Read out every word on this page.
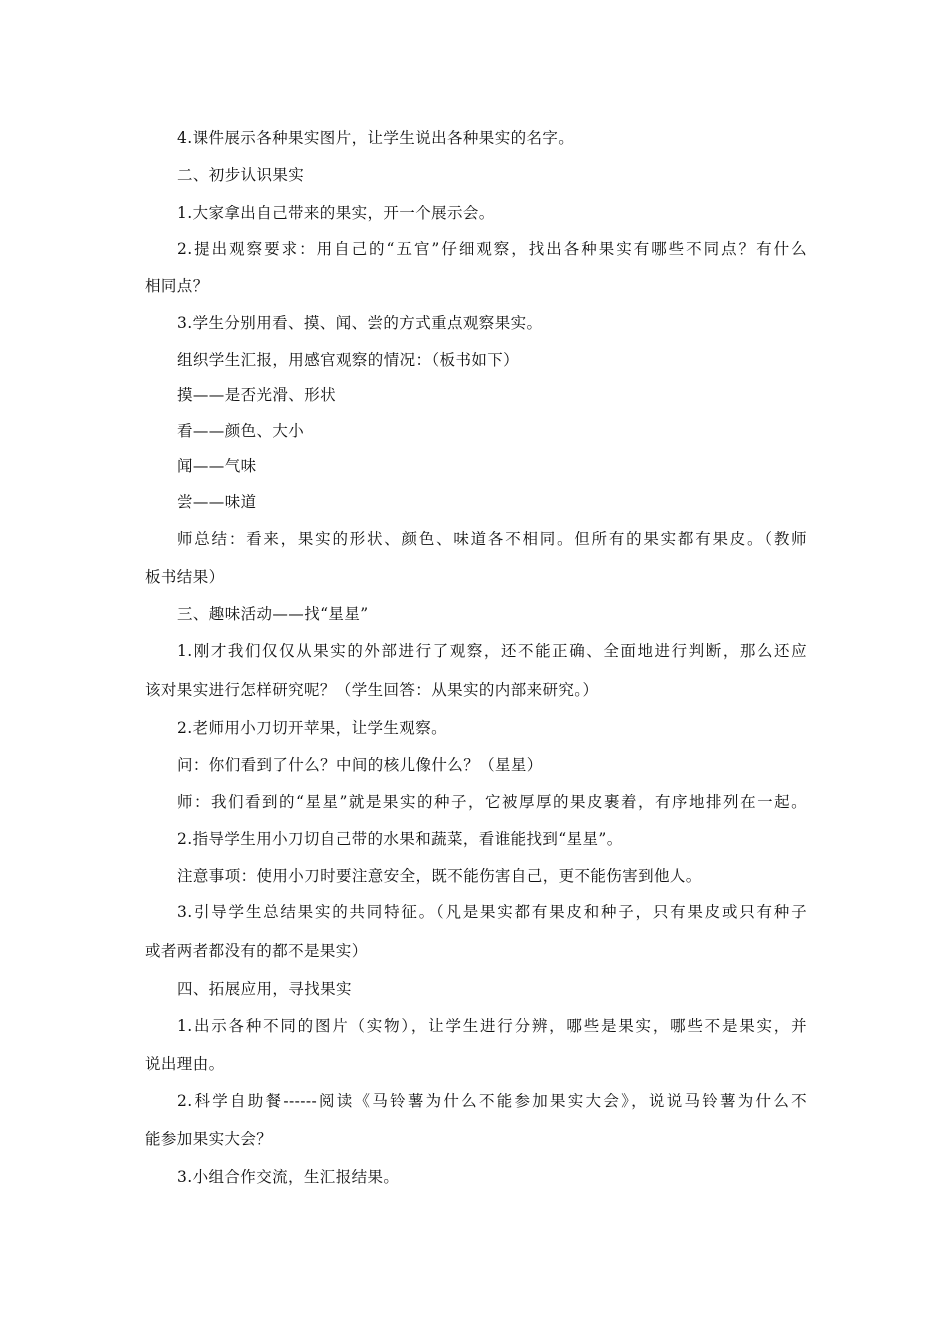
4.课件展示各种果实图片，让学生说出各种果实的名字。
二、初步认识果实
1.大家拿出自己带来的果实，开一个展示会。
2.提出观察要求：用自己的“五官”仔细观察，找出各种果实有哪些不同点？有什么
相同点？
3.学生分别用看、摸、闻、尝的方式重点观察果实。
组织学生汇报，用感官观察的情况：（板书如下）
摸——是否光滑、形状
看——颜色、大小
闻——气味
尝——味道
师总结：看来，果实的形状、颜色、味道各不相同。但所有的果实都有果皮。（教师
板书结果）
三、趣味活动——找“星星”
1.刚才我们仅仅从果实的外部进行了观察，还不能正确、全面地进行判断，那么还应
该对果实进行怎样研究呢？（学生回答：从果实的内部来研究。）
2.老师用小刀切开苹果，让学生观察。
问：你们看到了什么？中间的核儿像什么？（星星）
师：我们看到的“星星”就是果实的种子，它被厚厚的果皮裹着，有序地排列在一起。
2.指导学生用小刀切自己带的水果和蔬菜，看谁能找到“星星”。
注意事项：使用小刀时要注意安全，既不能伤害自己，更不能伤害到他人。
3.引导学生总结果实的共同特征。（凡是果实都有果皮和种子，只有果皮或只有种子
或者两者都没有的都不是果实）
四、拓展应用，寻找果实
1.出示各种不同的图片（实物），让学生进行分辨，哪些是果实，哪些不是果实，并
说出理由。
2.科学自助餐------阅读《马铃薯为什么不能参加果实大会》，说说马铃薯为什么不
能参加果实大会？
3.小组合作交流，生汇报结果。
